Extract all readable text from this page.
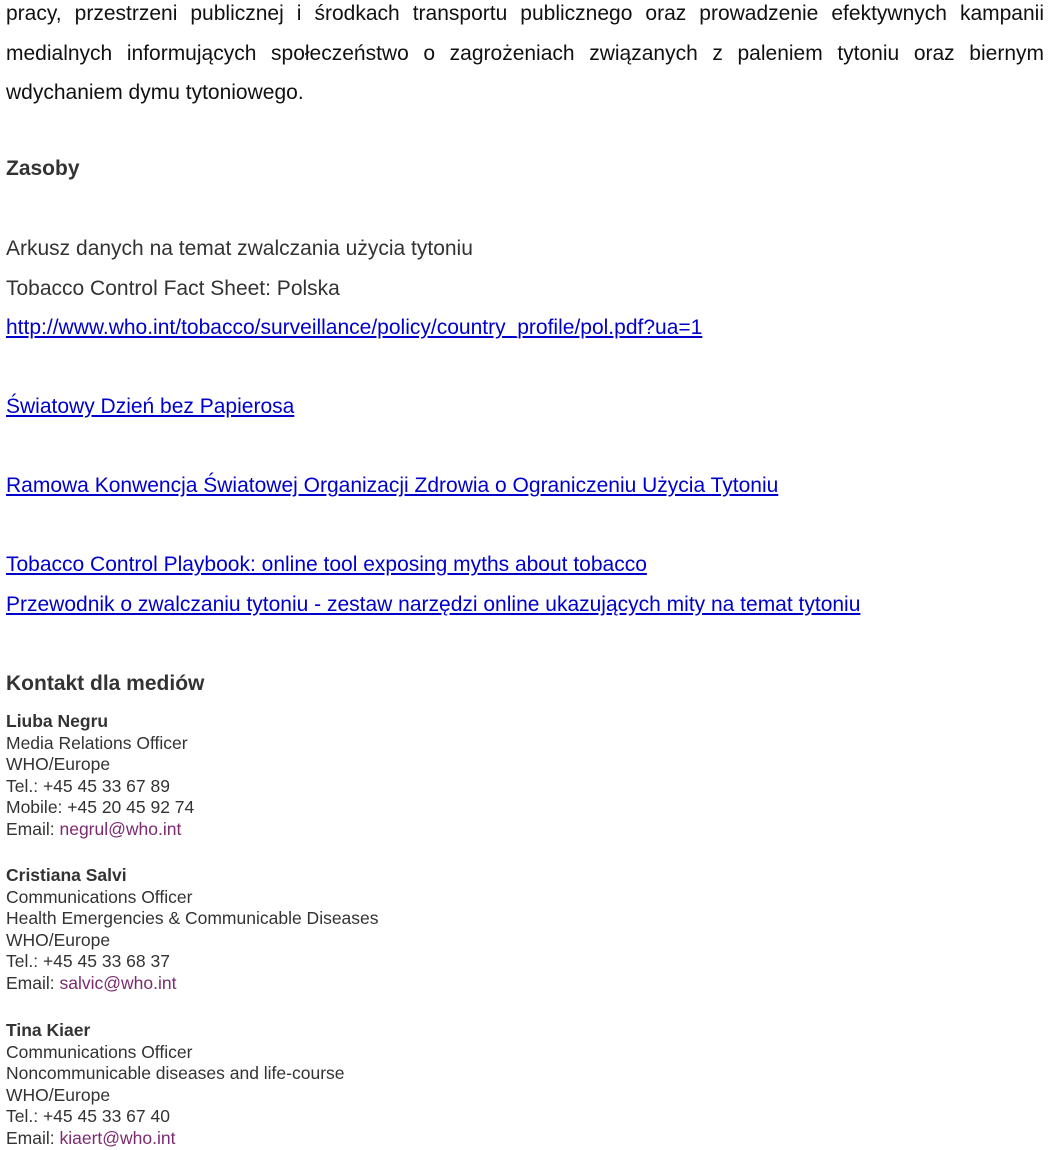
pracy, przestrzeni publicznej i środkach transportu publicznego oraz prowadzenie efektywnych kampanii medialnych informujących społeczeństwo o zagrożeniach związanych z paleniem tytoniu oraz biernym wdychaniem dymu tytoniowego.

Zasoby
Arkusz danych na temat zwalczania użycia tytoniu
Tobacco Control Fact Sheet: Polska
http://www.who.int/tobacco/surveillance/policy/country_profile/pol.pdf?ua=1
Światowy Dzień bez Papierosa
Ramowa Konwencja Światowej Organizacji Zdrowia o Ograniczeniu Użycia Tytoniu
Tobacco Control Playbook: online tool exposing myths about tobacco
Przewodnik o zwalczaniu tytoniu - zestaw narzędzi online ukazujących mity na temat tytoniu
Kontakt dla mediów
Liuba Negru
Media Relations Officer
WHO/Europe
Tel.: +45 45 33 67 89
Mobile: +45 20 45 92 74
Email: negrul@who.int
Cristiana Salvi
Communications Officer
Health Emergencies & Communicable Diseases
WHO/Europe
Tel.: +45 45 33 68 37
Email: salvic@who.int
Tina Kiaer
Communications Officer
Noncommunicable diseases and life-course
WHO/Europe
Tel.: +45 45 33 67 40
Email: kiaert@who.int
